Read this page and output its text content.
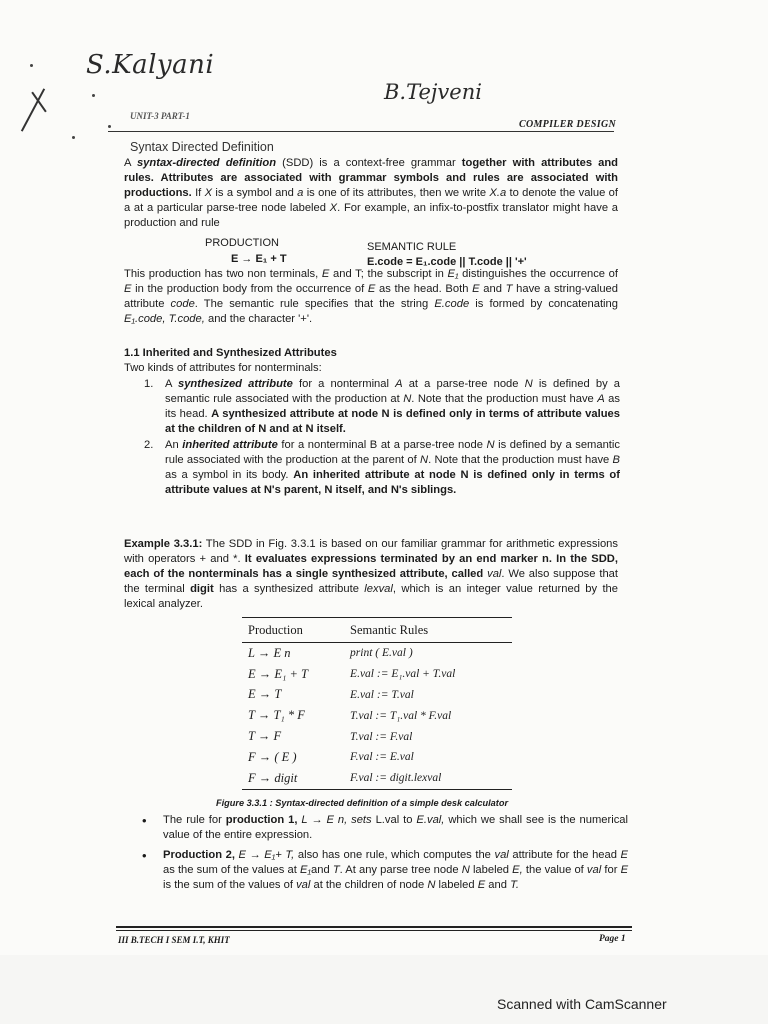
S.Kalyani
B.Tejveni
UNIT-3 PART-1
COMPILER DESIGN
Syntax Directed Definition

A syntax-directed definition (SDD) is a context-free grammar together with attributes and rules. Attributes are associated with grammar symbols and rules are associated with productions. If X is a symbol and a is one of its attributes, then we write X.a to denote the value of a at a particular parse-tree node labeled X. For example, an infix-to-postfix translator might have a production and rule

PRODUCTION	SEMANTIC RULE
E → E₁ + T	E.code = E₁.code || T.code || '+'

This production has two non terminals, E and T; the subscript in E₁ distinguishes the occurrence of E in the production body from the occurrence of E as the head. Both E and T have a string-valued attribute code. The semantic rule specifies that the string E.code is formed by concatenating E₁.code, T.code, and the character '+'.

1.1 Inherited and Synthesized Attributes

Two kinds of attributes for nonterminals:

1. A synthesized attribute for a nonterminal A at a parse-tree node N is defined by a semantic rule associated with the production at N. Note that the production must have A as its head. A synthesized attribute at node N is defined only in terms of attribute values at the children of N and at N itself.
2. An inherited attribute for a nonterminal B at a parse-tree node N is defined by a semantic rule associated with the production at the parent of N. Note that the production must have B as a symbol in its body. An inherited attribute at node N is defined only in terms of attribute values at N's parent, N itself, and N's siblings.

Example 3.3.1: The SDD in Fig. 3.3.1 is based on our familiar grammar for arithmetic expressions with operators + and *. It evaluates expressions terminated by an end marker n. In the SDD, each of the nonterminals has a single synthesized attribute, called val. We also suppose that the terminal digit has a synthesized attribute lexval, which is an integer value returned by the lexical analyzer.

Production	Semantic Rules
L → E n	print ( E.val )
E → E₁ + T	E.val := E₁.val + T.val
E → T	E.val := T.val
T → T₁ * F	T.val := T₁.val * F.val
T → F	T.val := F.val
F → ( E )	F.val := E.val
F → digit	F.val := digit.lexval
Figure 3.3.1 : Syntax-directed definition of a simple desk calculator
• The rule for production 1, L → E n, sets L.val to E.val, which we shall see is the numerical value of the entire expression.
• Production 2, E → E₁+ T, also has one rule, which computes the val attribute for the head E as the sum of the values at E₁and T. At any parse tree node N labeled E, the value of val for E is the sum of the values of val at the children of node N labeled E and T.
III B.TECH I SEM I.T, KHIT	Page 1
Scanned with CamScanner
